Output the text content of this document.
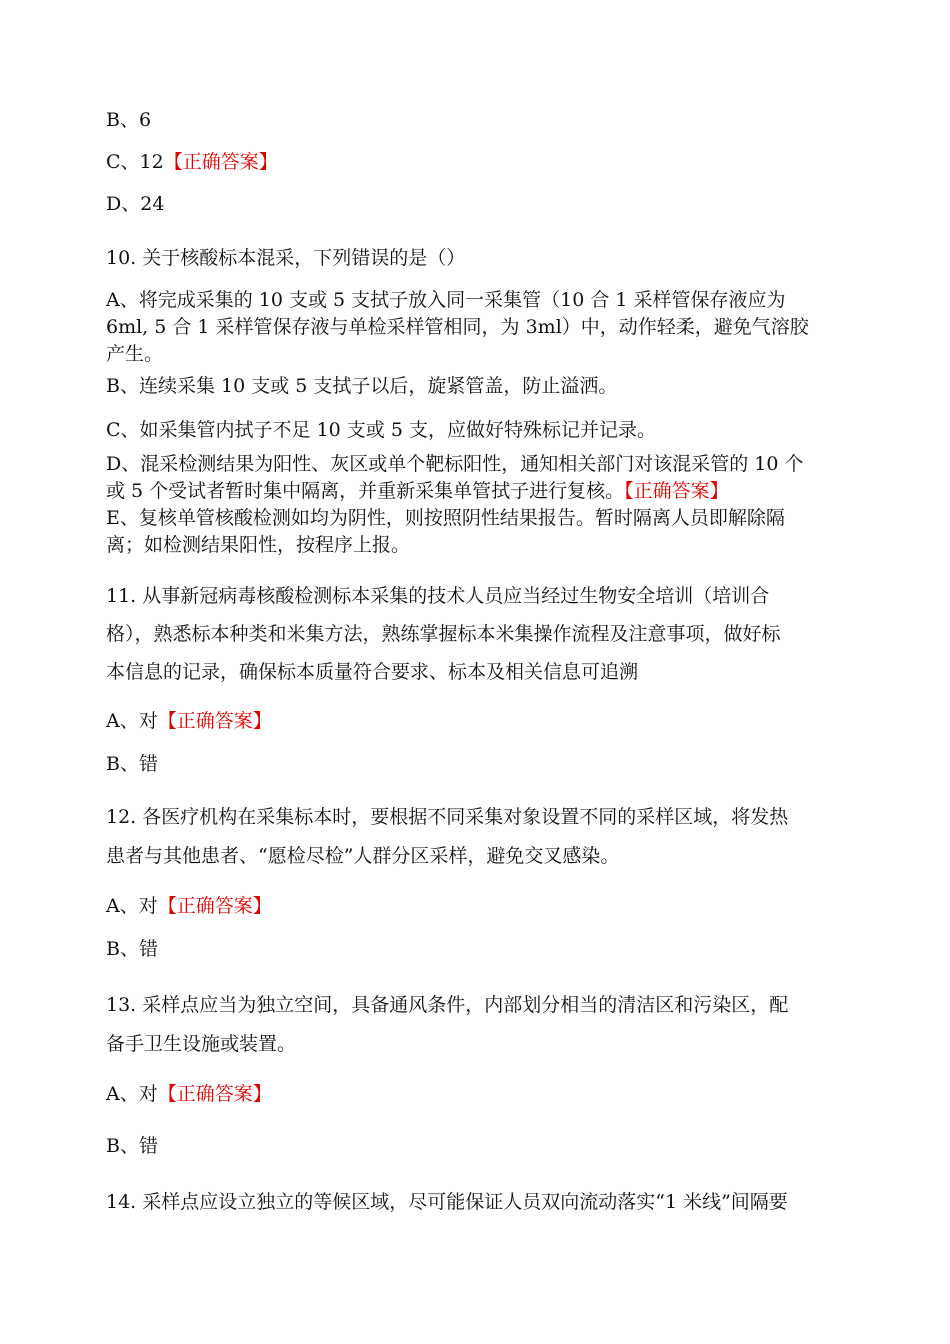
B、6

C、12【正确答案】

D、24

10. 关于核酸标本混采，下列错误的是（）

A、将完成采集的 10 支或 5 支拭子放入同一采集管（10 合 1 采样管保存液应为

6ml, 5 合 1 采样管保存液与单检采样管相同，为 3ml）中，动作轻柔，避免气溶胶

产生。

B、连续采集 10 支或 5 支拭子以后，旋紧管盖，防止溢洒。

C、如采集管内拭子不足 10 支或 5 支，应做好特殊标记并记录。

D、混采检测结果为阳性、灰区或单个靶标阳性，通知相关部门对该混采管的 10 个

或 5 个受试者暂时集中隔离，并重新采集单管拭子进行复核。【正确答案】

E、复核单管核酸检测如均为阴性，则按照阴性结果报告。暂时隔离人员即解除隔

离；如检测结果阳性，按程序上报。

11. 从事新冠病毒核酸检测标本采集的技术人员应当经过生物安全培训（培训合

格），熟悉标本种类和米集方法，熟练掌握标本米集操作流程及注意事项，做好标

本信息的记录，确保标本质量符合要求、标本及相关信息可追溯

A、对【正确答案】

B、错

12. 各医疗机构在采集标本时，要根据不同采集对象设置不同的采样区域，将发热

患者与其他患者、“愿检尽检”人群分区采样，避免交叉感染。

A、对【正确答案】

B、错

13. 采样点应当为独立空间，具备通风条件，内部划分相当的清洁区和污染区，配

备手卫生设施或装置。

A、对【正确答案】

B、错

14. 采样点应设立独立的等候区域，尽可能保证人员双向流动落实“1 米线”间隔要
